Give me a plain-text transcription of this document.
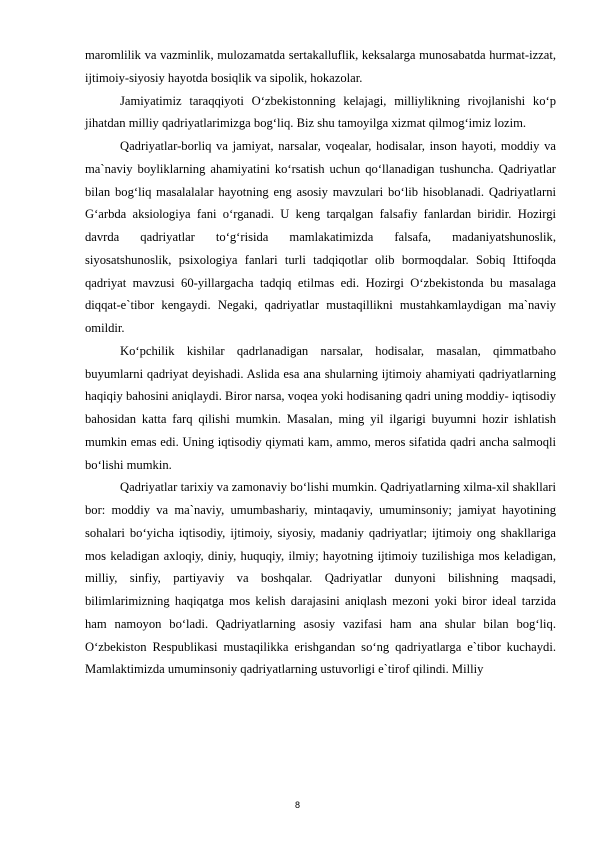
maromlilik va vazminlik, mulozamatda sertakalluflik, keksalarga munosabatda hurmat-izzat, ijtimoiy-siyosiy hayotda bosiqlik va sipolik, hokazolar.

Jamiyatimiz taraqqiyoti O‘zbekistonning kelajagi, milliylikning rivojlanishi ko‘p jihatdan milliy qadriyatlarimizga bog‘liq. Biz shu tamoyilga xizmat qilmog‘imiz lozim.

Qadriyatlar-borliq va jamiyat, narsalar, voqealar, hodisalar, inson hayoti, moddiy va ma`naviy boyliklarning ahamiyatini ko‘rsatish uchun qo‘llanadigan tushuncha. Qadriyatlar bilan bog‘liq masalalalar hayotning eng asosiy mavzulari bo‘lib hisoblanadi. Qadriyatlarni G‘arbda aksiologiya fani o‘rganadi. U keng tarqalgan falsafiy fanlardan biridir. Hozirgi davrda qadriyatlar to‘g‘risida mamlakatimizda falsafa, madaniyatshunoslik, siyosatshunoslik, psixologiya fanlari turli tadqiqotlar olib bormoqdalar. Sobiq Ittifoqda qadriyat mavzusi 60-yillargacha tadqiq etilmas edi. Hozirgi O‘zbekistonda bu masalaga diqqat-e`tibor kengaydi. Negaki, qadriyatlar mustaqillikni mustahkamlaydigan ma`naviy omildir.

Ko‘pchilik kishilar qadrlanadigan narsalar, hodisalar, masalan, qimmatbaho buyumlarni qadriyat deyishadi. Aslida esa ana shularning ijtimoiy ahamiyati qadriyatlarning haqiqiy bahosini aniqlaydi. Biror narsa, voqea yoki hodisaning qadri uning moddiy- iqtisodiy bahosidan katta farq qilishi mumkin. Masalan, ming yil ilgarigi buyumni hozir ishlatish mumkin emas edi. Uning iqtisodiy qiymati kam, ammo, meros sifatida qadri ancha salmoqli bo‘lishi mumkin.

Qadriyatlar tarixiy va zamonaviy bo‘lishi mumkin. Qadriyatlarning xilma-xil shakllari bor: moddiy va ma`naviy, umumbashariy, mintaqaviy, umuminsoniy; jamiyat hayotining sohalari bo‘yicha iqtisodiy, ijtimoiy, siyosiy, madaniy qadriyatlar; ijtimoiy ong shakllariga mos keladigan axloqiy, diniy, huquqiy, ilmiy; hayotning ijtimoiy tuzilishiga mos keladigan, milliy, sinfiy, partiyaviy va boshqalar. Qadriyatlar dunyoni bilishning maqsadi, bilimlarimizning haqiqatga mos kelish darajasini aniqlash mezoni yoki biror ideal tarzida ham namoyon bo‘ladi. Qadriyatlarning asosiy vazifasi ham ana shular bilan bog‘liq. O‘zbekiston Respublikasi mustaqilikka erishgandan so‘ng qadriyatlarga e`tibor kuchaydi. Mamlaktimizda umuminsoniy qadriyatlarning ustuvorligi e`tirof qilindi. Milliy

8
